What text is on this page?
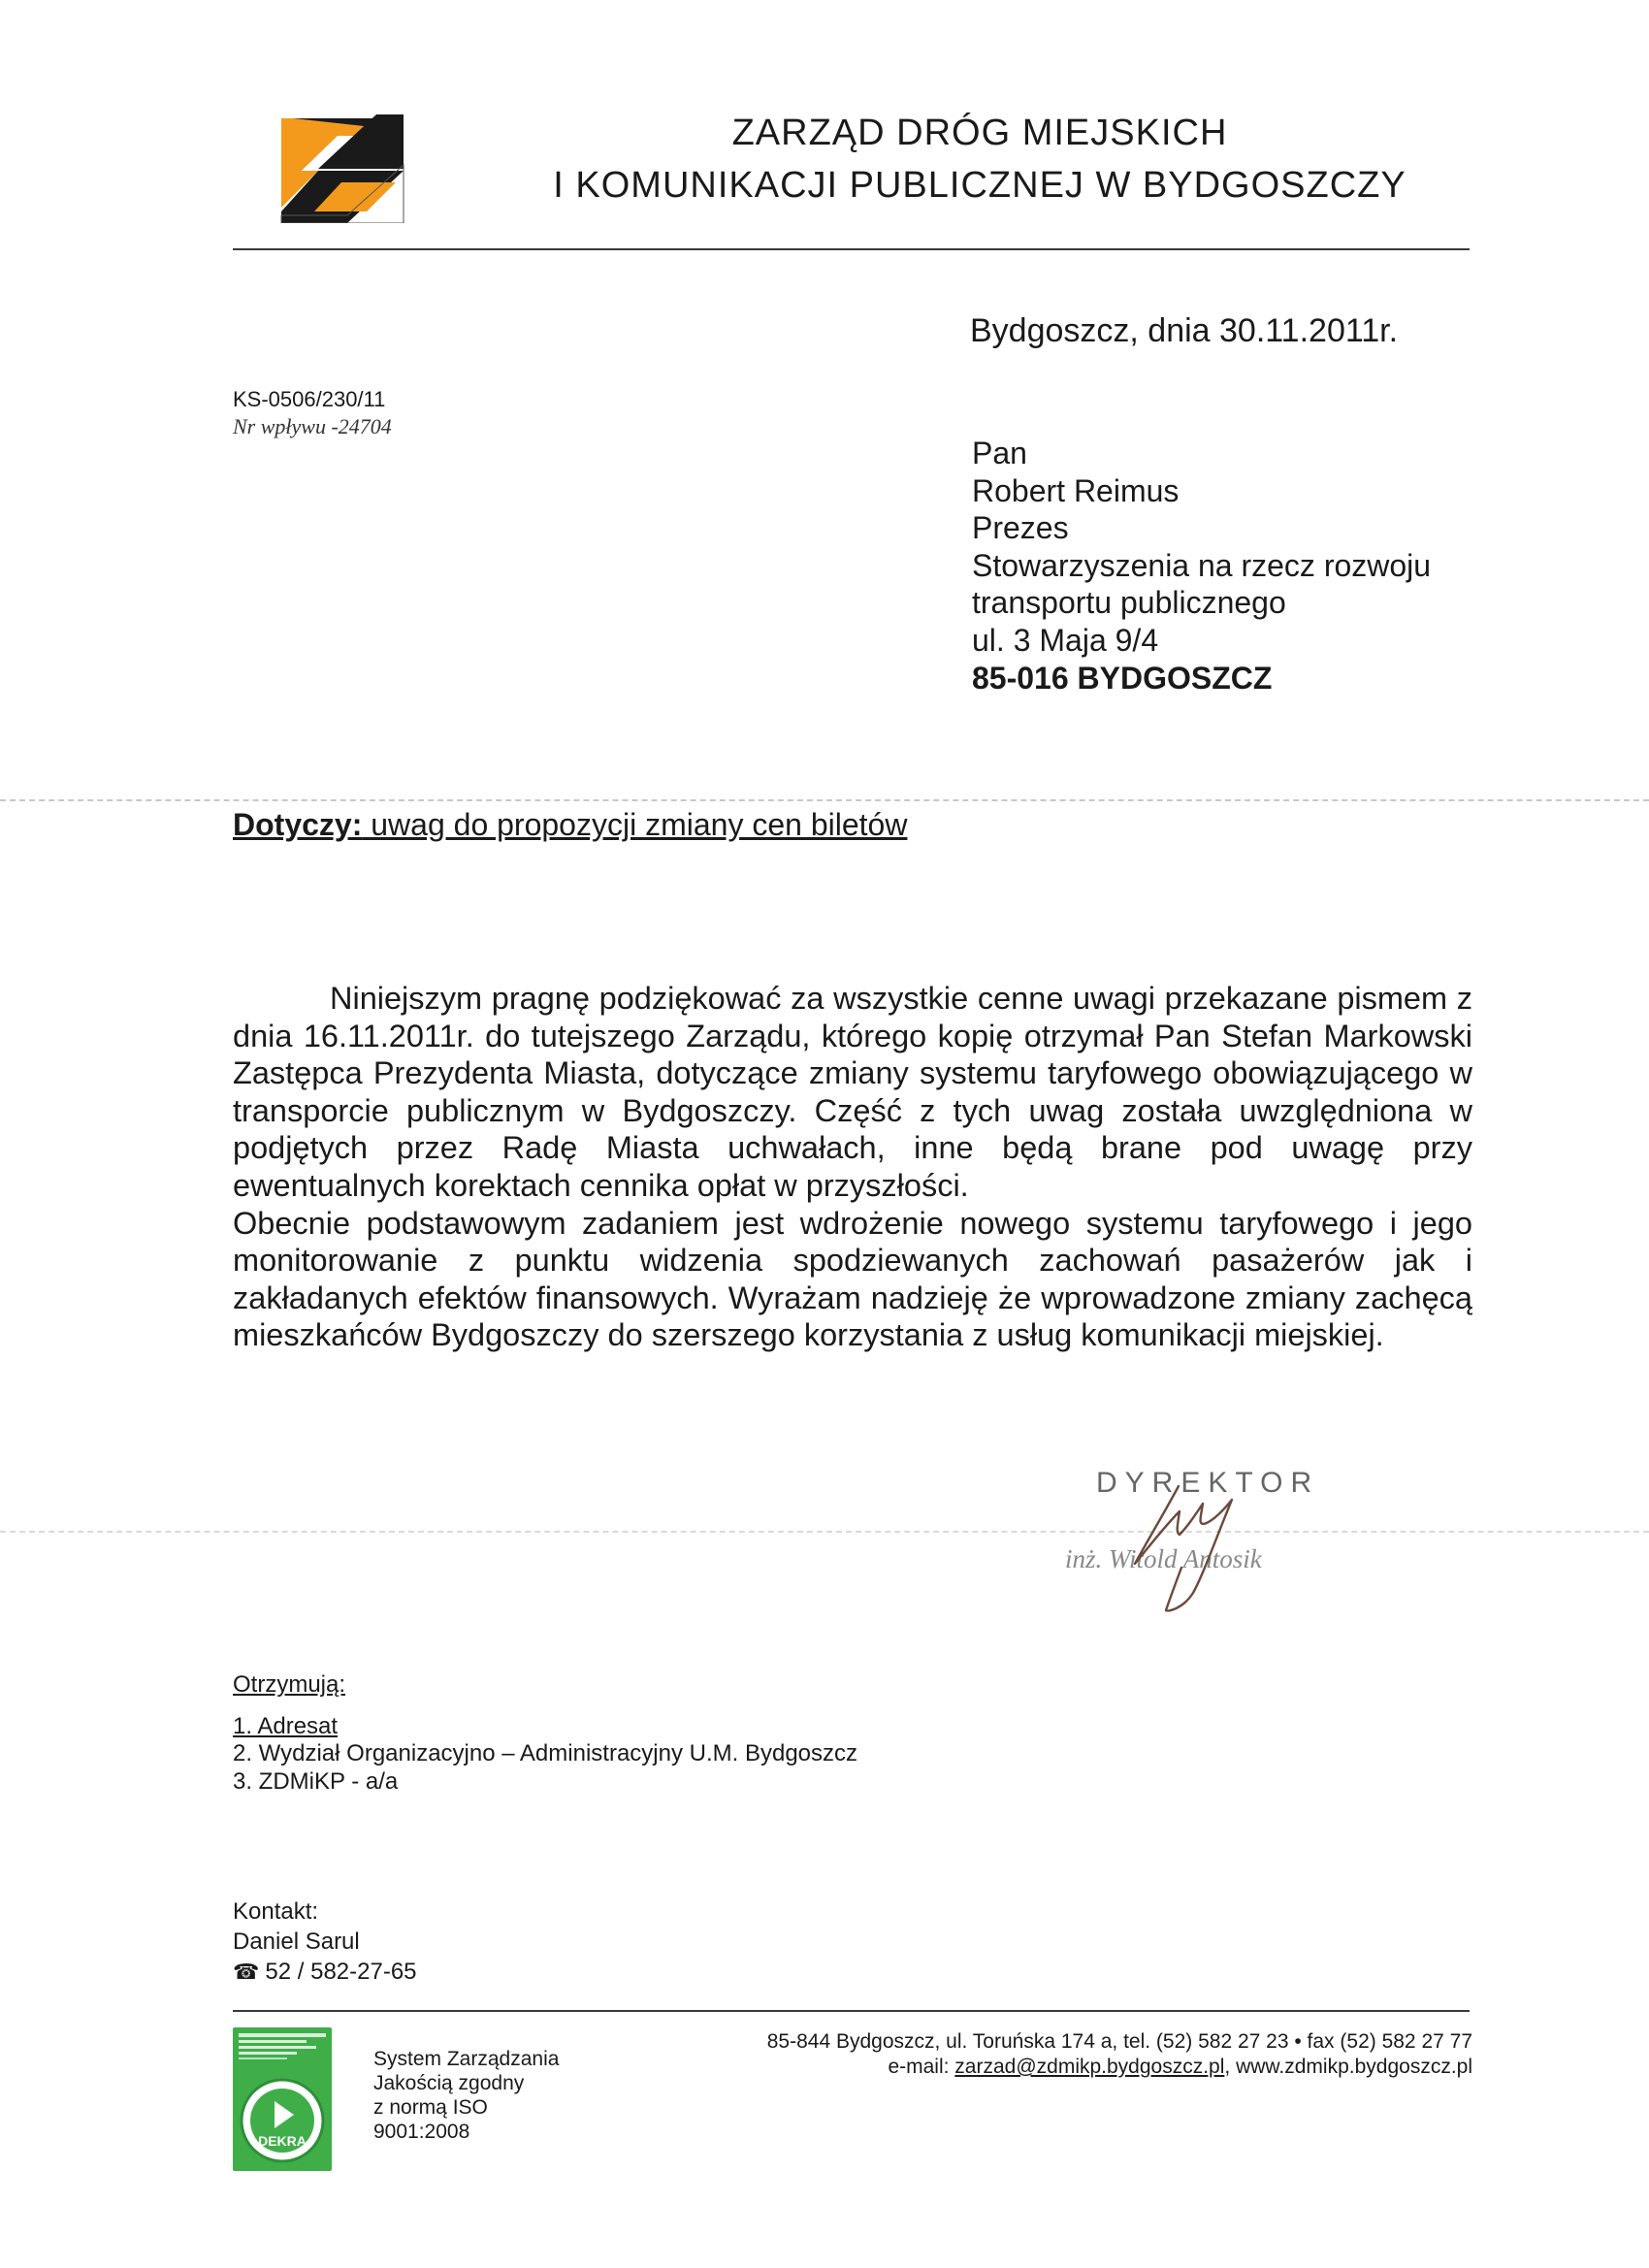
ZARZĄD DRÓG MIEJSKICH
I KOMUNIKACJI PUBLICZNEJ W BYDGOSZCZY
Bydgoszcz, dnia 30.11.2011r.
KS-0506/230/11
Nr wpływu -24704
Pan
Robert Reimus
Prezes
Stowarzyszenia na rzecz rozwoju
transportu publicznego
ul. 3 Maja 9/4
85-016 BYDGOSZCZ
Dotyczy: uwag do propozycji zmiany cen biletów

Niniejszym pragnę podziękować za wszystkie cenne uwagi przekazane pismem z dnia 16.11.2011r. do tutejszego Zarządu, którego kopię otrzymał Pan Stefan Markowski Zastępca Prezydenta Miasta, dotyczące zmiany systemu taryfowego obowiązującego w transporcie publicznym w Bydgoszczy. Część z tych uwag została uwzględniona w podjętych przez Radę Miasta uchwałach, inne będą brane pod uwagę przy ewentualnych korektach cennika opłat w przyszłości.

Obecnie podstawowym zadaniem jest wdrożenie nowego systemu taryfowego i jego monitorowanie z punktu widzenia spodziewanych zachowań pasażerów jak i zakładanych efektów finansowych. Wyrażam nadzieję że wprowadzone zmiany zachęcą mieszkańców Bydgoszczy do szerszego korzystania z usług komunikacji miejskiej.

DYREKTOR
inż. Witold Antosik
Otrzymują:
1. Adresat
2. Wydział Organizacyjno – Administracyjny U.M. Bydgoszcz
3. ZDMiKP - a/a
Kontakt:
Daniel Sarul
☎ 52 / 582-27-65
DEKRA
System Zarządzania
Jakością zgodny
z normą ISO
9001:2008
85-844 Bydgoszcz, ul. Toruńska 174 a, tel. (52) 582 27 23 • fax (52) 582 27 77
e-mail: zarzad@zdmikp.bydgoszcz.pl, www.zdmikp.bydgoszcz.pl
